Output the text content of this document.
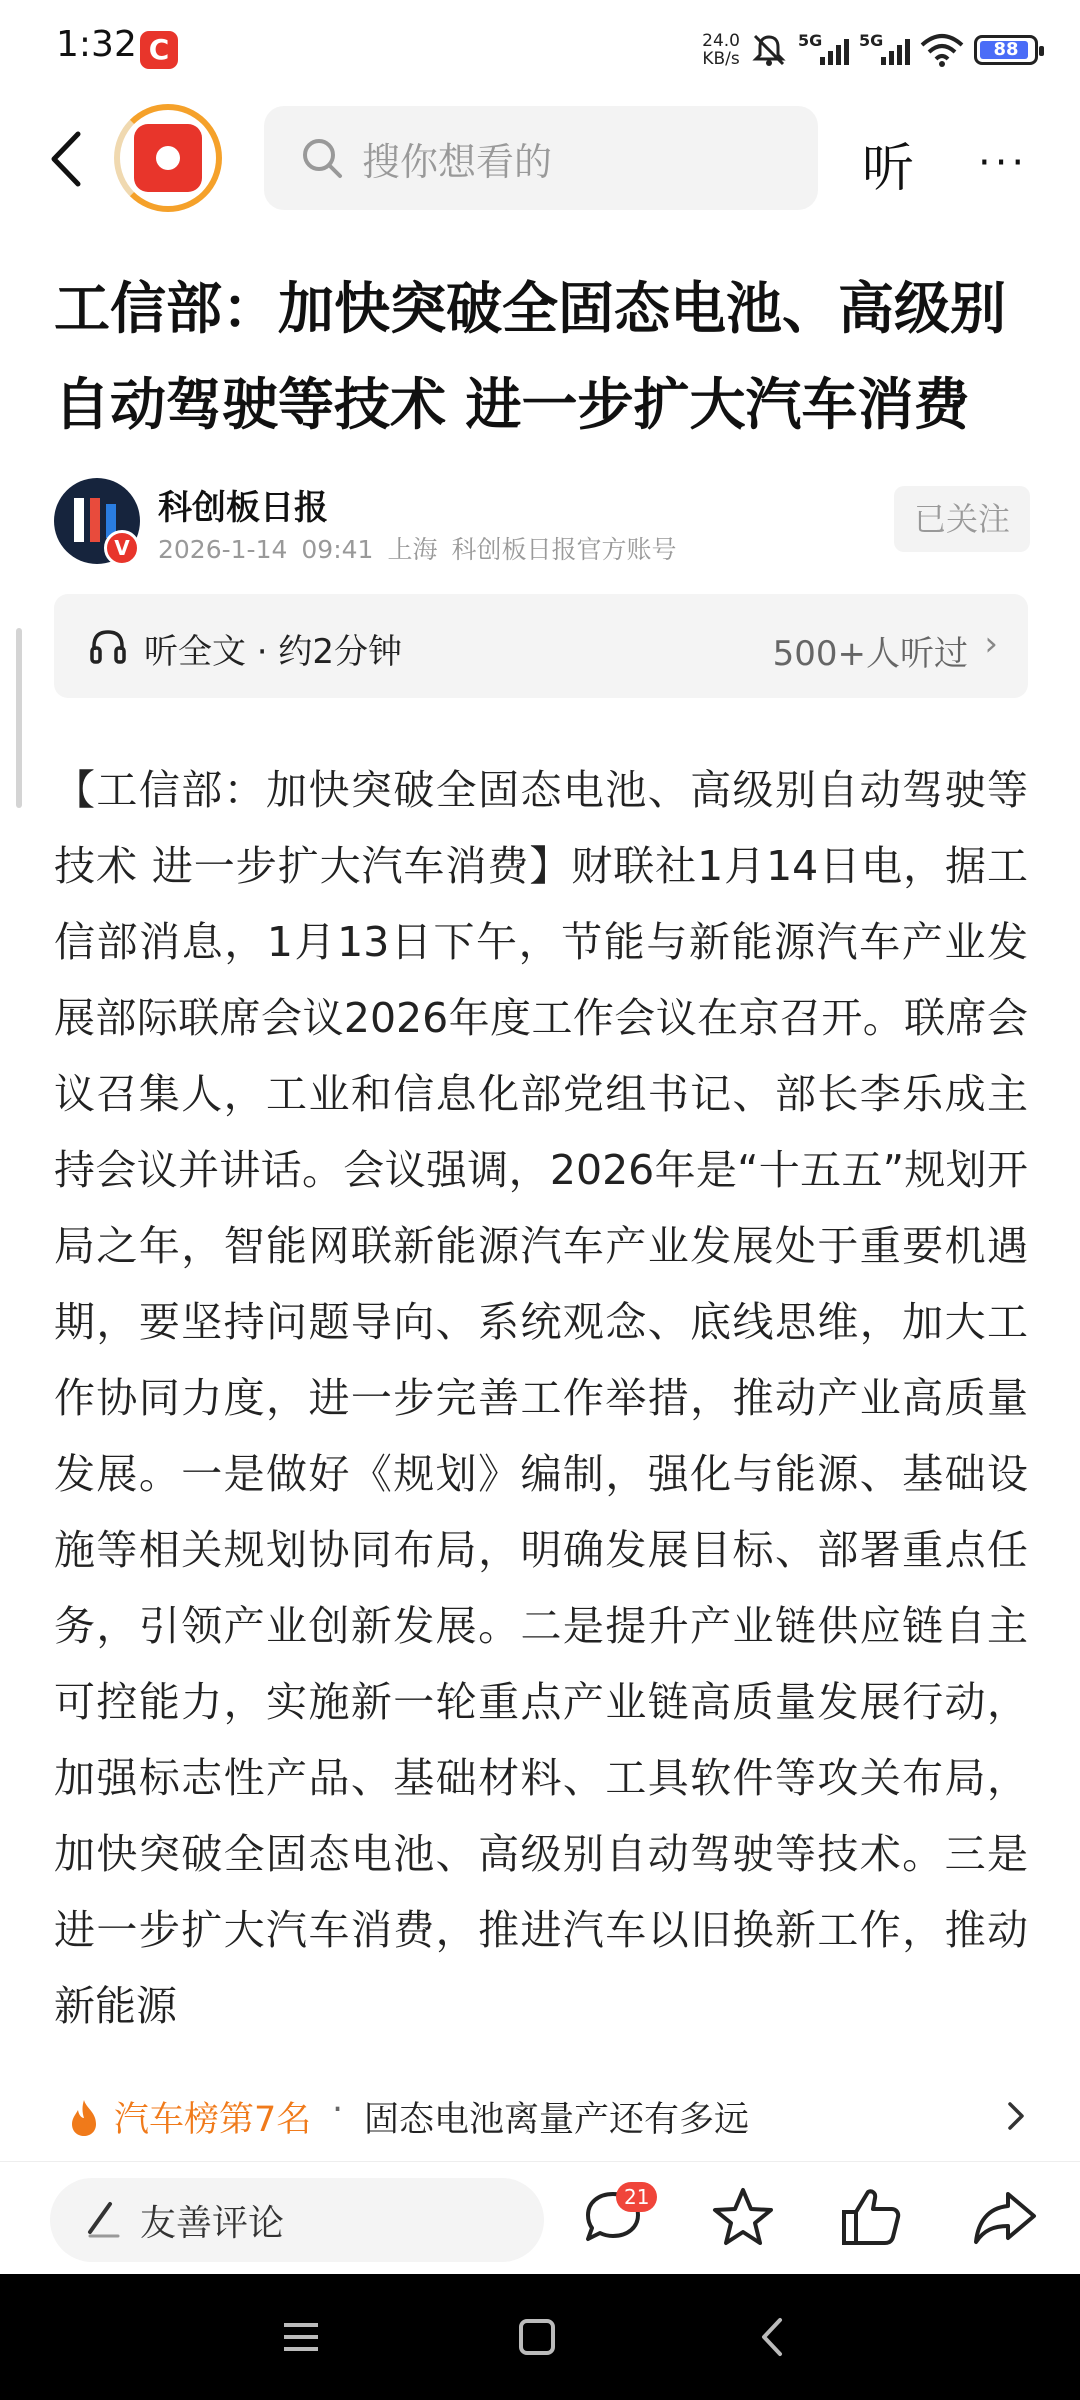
1:32 C	24.0
KB/s
5G 5G	88
搜你想看的	听 ···
工信部：加快突破全固态电池、高级别自动驾驶等技术 进一步扩大汽车消费
V
科创板日报
2026-1-14 09:41 上海 科创板日报官方账号
已关注
听全文 · 约2分钟	500+人听过 ›
【工信部：加快突破全固态电池、高级别自动驾驶等技术 进一步扩大汽车消费】财联社1月14日电，据工信部消息，1月13日下午，节能与新能源汽车产业发展部际联席会议2026年度工作会议在京召开。联席会议召集人，工业和信息化部党组书记、部长李乐成主持会议并讲话。会议强调，2026年是“十五五”规划开局之年，智能网联新能源汽车产业发展处于重要机遇期，要坚持问题导向、系统观念、底线思维，加大工作协同力度，进一步完善工作举措，推动产业高质量发展。一是做好《规划》编制，强化与能源、基础设施等相关规划协同布局，明确发展目标、部署重点任务，引领产业创新发展。二是提升产业链供应链自主可控能力，实施新一轮重点产业链高质量发展行动，加强标志性产品、基础材料、工具软件等攻关布局，加快突破全固态电池、高级别自动驾驶等技术。三是进一步扩大汽车消费，推进汽车以旧换新工作，推动新能源
汽车榜第7名 · 固态电池离量产还有多远
友善评论
21
